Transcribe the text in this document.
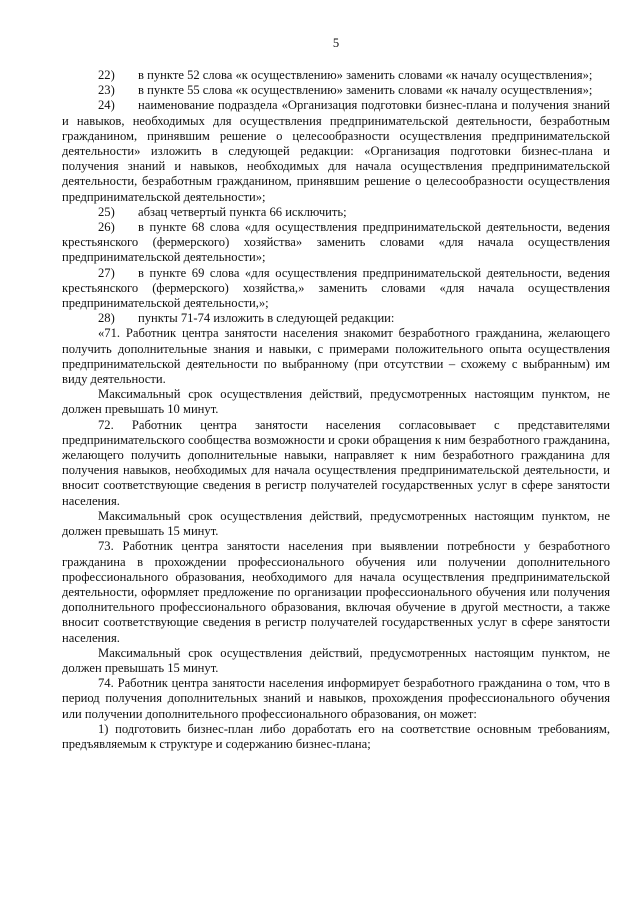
5

22) в пункте 52 слова «к осуществлению» заменить словами «к началу осуществления»;

23) в пункте 55 слова «к осуществлению» заменить словами «к началу осуществления»;

24) наименование подраздела «Организация подготовки бизнес-плана и получения знаний и навыков, необходимых для осуществления предпринимательской деятельности, безработным гражданином, принявшим решение о целесообразности осуществления предпринимательской деятельности» изложить в следующей редакции: «Организация подготовки бизнес-плана и получения знаний и навыков, необходимых для начала осуществления предпринимательской деятельности, безработным гражданином, принявшим решение о целесообразности осуществления предпринимательской деятельности»;

25) абзац четвертый пункта 66 исключить;

26) в пункте 68 слова «для осуществления предпринимательской деятельности, ведения крестьянского (фермерского) хозяйства» заменить словами «для начала осуществления предпринимательской деятельности»;

27) в пункте 69 слова «для осуществления предпринимательской деятельности, ведения крестьянского (фермерского) хозяйства,» заменить словами «для начала осуществления предпринимательской деятельности,»;

28) пункты 71-74 изложить в следующей редакции:

«71. Работник центра занятости населения знакомит безработного гражданина, желающего получить дополнительные знания и навыки, с примерами положительного опыта осуществления предпринимательской деятельности по выбранному (при отсутствии – схожему с выбранным) им виду деятельности.

Максимальный срок осуществления действий, предусмотренных настоящим пунктом, не должен превышать 10 минут.

72. Работник центра занятости населения согласовывает с представителями предпринимательского сообщества возможности и сроки обращения к ним безработного гражданина, желающего получить дополнительные навыки, направляет к ним безработного гражданина для получения навыков, необходимых для начала осуществления предпринимательской деятельности, и вносит соответствующие сведения в регистр получателей государственных услуг в сфере занятости населения.

Максимальный срок осуществления действий, предусмотренных настоящим пунктом, не должен превышать 15 минут.

73. Работник центра занятости населения при выявлении потребности у безработного гражданина в прохождении профессионального обучения или получении дополнительного профессионального образования, необходимого для начала осуществления предпринимательской деятельности, оформляет предложение по организации профессионального обучения или получения дополнительного профессионального образования, включая обучение в другой местности, а также вносит соответствующие сведения в регистр получателей государственных услуг в сфере занятости населения.

Максимальный срок осуществления действий, предусмотренных настоящим пунктом, не должен превышать 15 минут.

74. Работник центра занятости населения информирует безработного гражданина о том, что в период получения дополнительных знаний и навыков, прохождения профессионального обучения или получении дополнительного профессионального образования, он может:

1) подготовить бизнес-план либо доработать его на соответствие основным требованиям, предъявляемым к структуре и содержанию бизнес-плана;
